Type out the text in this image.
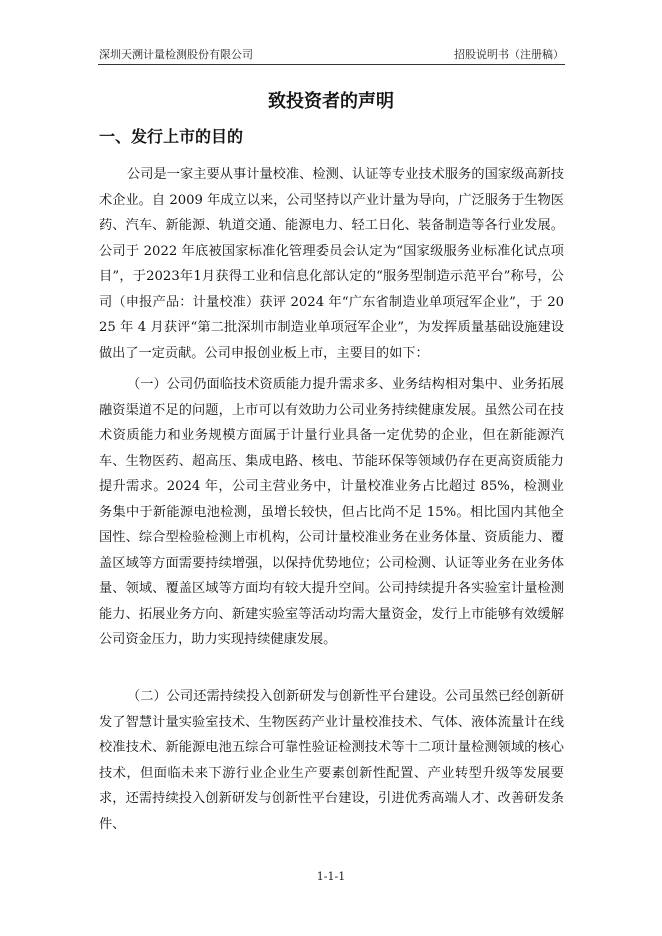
深圳天溯计量检测股份有限公司	招股说明书（注册稿）
致投资者的声明
一、发行上市的目的

公司是一家主要从事计量校准、检测、认证等专业技术服务的国家级高新技术企业。自 2009 年成立以来，公司坚持以产业计量为导向，广泛服务于生物医药、汽车、新能源、轨道交通、能源电力、轻工日化、装备制造等各行业发展。公司于 2022 年底被国家标准化管理委员会认定为“国家级服务业标准化试点项目”，于2023年1月获得工业和信息化部认定的“服务型制造示范平台”称号，公司（申报产品：计量校准）获评 2024 年“广东省制造业单项冠军企业”，于 2025 年 4 月获评“第二批深圳市制造业单项冠军企业”，为发挥质量基础设施建设做出了一定贡献。公司申报创业板上市，主要目的如下：

（一）公司仍面临技术资质能力提升需求多、业务结构相对集中、业务拓展融资渠道不足的问题，上市可以有效助力公司业务持续健康发展。虽然公司在技术资质能力和业务规模方面属于计量行业具备一定优势的企业，但在新能源汽车、生物医药、超高压、集成电路、核电、节能环保等领域仍存在更高资质能力提升需求。2024 年，公司主营业务中，计量校准业务占比超过 85%，检测业务集中于新能源电池检测，虽增长较快，但占比尚不足 15%。相比国内其他全国性、综合型检验检测上市机构，公司计量校准业务在业务体量、资质能力、覆盖区域等方面需要持续增强，以保持优势地位；公司检测、认证等业务在业务体量、领域、覆盖区域等方面均有较大提升空间。公司持续提升各实验室计量检测能力、拓展业务方向、新建实验室等活动均需大量资金，发行上市能够有效缓解公司资金压力，助力实现持续健康发展。

（二）公司还需持续投入创新研发与创新性平台建设。公司虽然已经创新研发了智慧计量实验室技术、生物医药产业计量校准技术、气体、液体流量计在线校准技术、新能源电池五综合可靠性验证检测技术等十二项计量检测领域的核心技术，但面临未来下游行业企业生产要素创新性配置、产业转型升级等发展要求，还需持续投入创新研发与创新性平台建设，引进优秀高端人才、改善研发条件、

1-1-1
